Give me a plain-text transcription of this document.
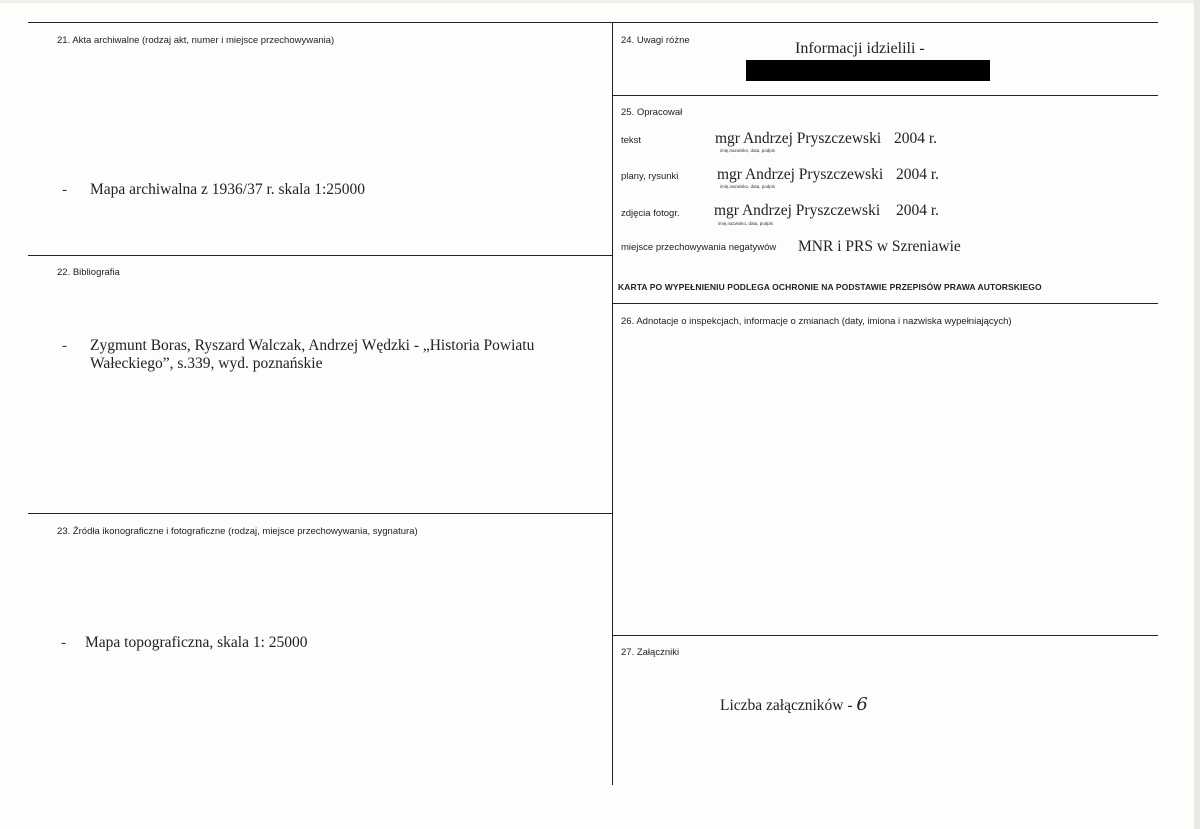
21. Akta archiwalne (rodzaj akt, numer i miejsce przechowywania)
- Mapa archiwalna z 1936/37 r. skala 1:25000
22. Bibliografia
- Zygmunt Boras, Ryszard Walczak, Andrzej Wędzki - „Historia Powiatu
Wałeckiego”, s.339, wyd. poznańskie
23. Źródła ikonograficzne i fotograficzne (rodzaj, miejsce przechowywania, sygnatura)
- Mapa topograficzna, skala 1: 25000
24. Uwagi różne	Informacji idzielili -
25. Opracował
tekst	mgr Andrzej Pryszczewski 2004 r.
imię,nazwisko, data, podpis
plany, rysunki mgr Andrzej Pryszczewski 2004 r.
imię,nazwisko, data, podpis
zdjęcia fotogr. mgr Andrzej Pryszczewski 2004 r.
imię,nazwisko, data, podpis
miejsce przechowywania negatywów MNR i PRS w Szreniawie
KARTA PO WYPEŁNIENIU PODLEGA OCHRONIE NA PODSTAWIE PRZEPISÓW PRAWA AUTORSKIEGO
26. Adnotacje o inspekcjach, informacje o zmianach (daty, imiona i nazwiska wypełniających)
27. Załączniki
Liczba załączników - 6
